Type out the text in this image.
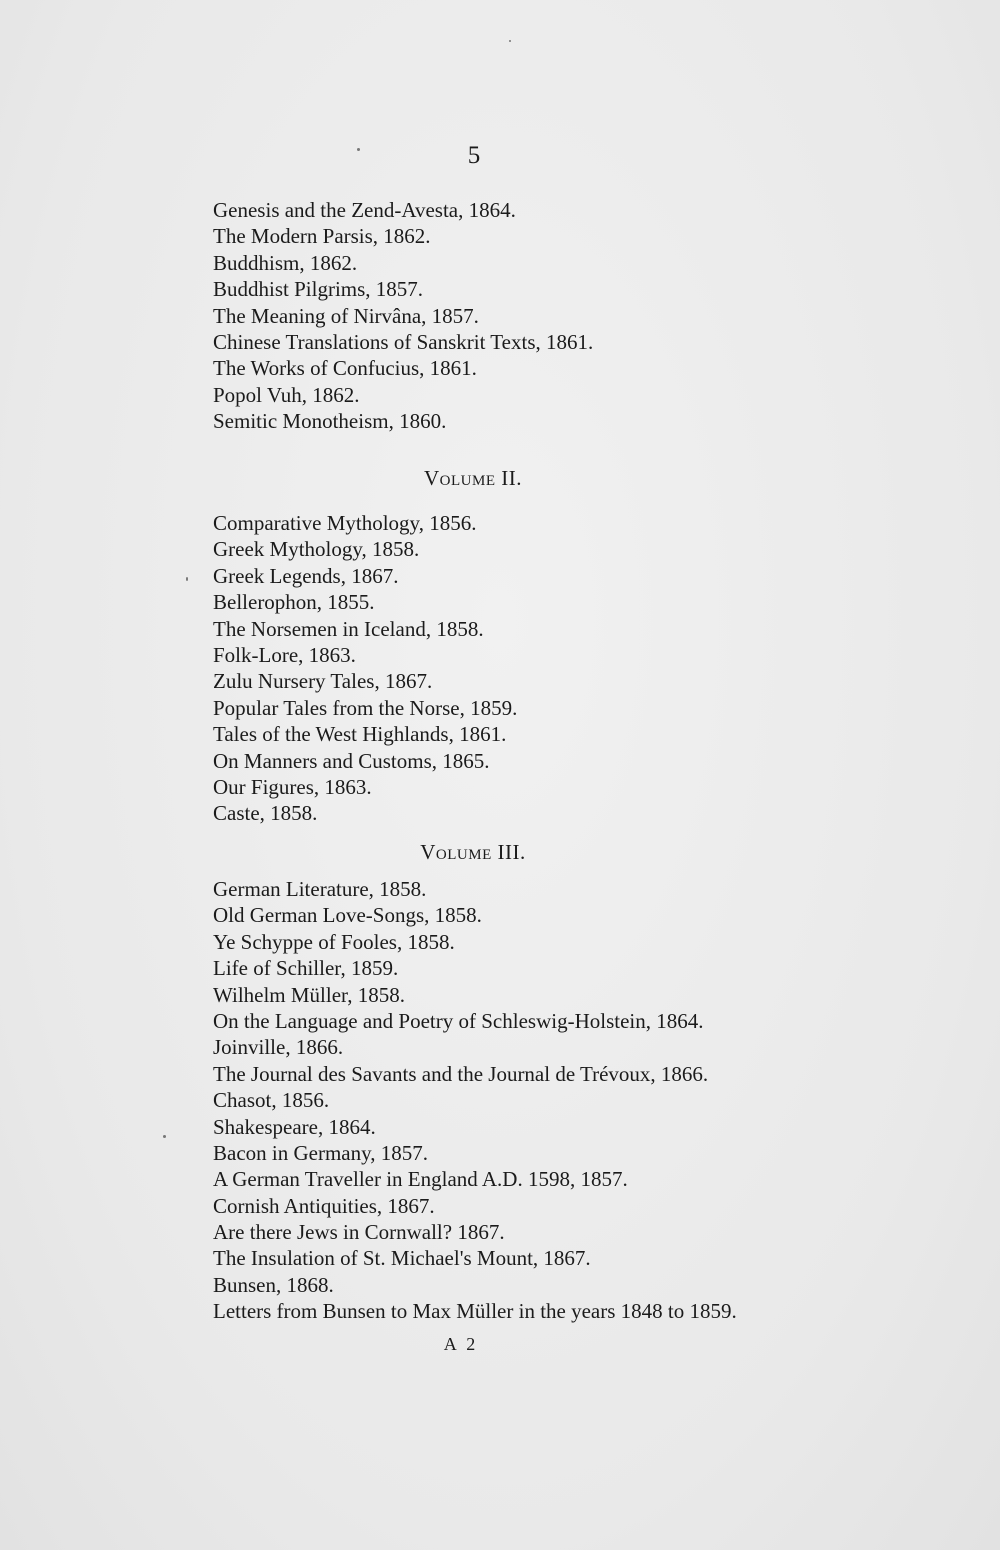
5
Genesis and the Zend-Avesta, 1864.
The Modern Parsis, 1862.
Buddhism, 1862.
Buddhist Pilgrims, 1857.
The Meaning of Nirvâna, 1857.
Chinese Translations of Sanskrit Texts, 1861.
The Works of Confucius, 1861.
Popol Vuh, 1862.
Semitic Monotheism, 1860.
Volume II.
Comparative Mythology, 1856.
Greek Mythology, 1858.
Greek Legends, 1867.
Bellerophon, 1855.
The Norsemen in Iceland, 1858.
Folk-Lore, 1863.
Zulu Nursery Tales, 1867.
Popular Tales from the Norse, 1859.
Tales of the West Highlands, 1861.
On Manners and Customs, 1865.
Our Figures, 1863.
Caste, 1858.
Volume III.
German Literature, 1858.
Old German Love-Songs, 1858.
Ye Schyppe of Fooles, 1858.
Life of Schiller, 1859.
Wilhelm Müller, 1858.
On the Language and Poetry of Schleswig-Holstein, 1864.
Joinville, 1866.
The Journal des Savants and the Journal de Trévoux, 1866.
Chasot, 1856.
Shakespeare, 1864.
Bacon in Germany, 1857.
A German Traveller in England A.D. 1598, 1857.
Cornish Antiquities, 1867.
Are there Jews in Cornwall? 1867.
The Insulation of St. Michael's Mount, 1867.
Bunsen, 1868.
Letters from Bunsen to Max Müller in the years 1848 to 1859.
A 2
